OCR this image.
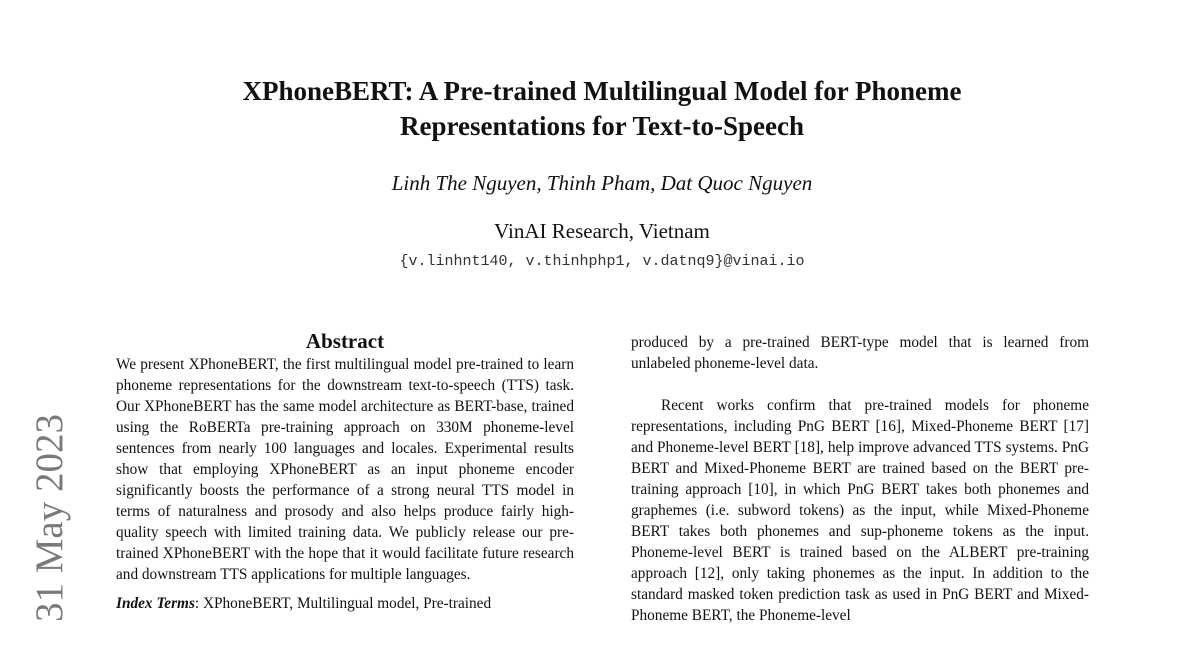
XPhoneBERT: A Pre-trained Multilingual Model for Phoneme
Representations for Text-to-Speech
Linh The Nguyen, Thinh Pham, Dat Quoc Nguyen
VinAI Research, Vietnam
{v.linhnt140, v.thinhphp1, v.datnq9}@vinai.io
31 May 2023
Abstract

We present XPhoneBERT, the first multilingual model pre-trained to learn phoneme representations for the downstream text-to-speech (TTS) task. Our XPhoneBERT has the same model architecture as BERT-base, trained using the RoBERTa pre-training approach on 330M phoneme-level sentences from nearly 100 languages and locales. Experimental results show that employing XPhoneBERT as an input phoneme encoder significantly boosts the performance of a strong neural TTS model in terms of naturalness and prosody and also helps produce fairly high-quality speech with limited training data. We publicly release our pre-trained XPhoneBERT with the hope that it would facilitate future research and downstream TTS applications for multiple languages.

Index Terms: XPhoneBERT, Multilingual model, Pre-trained

produced by a pre-trained BERT-type model that is learned from unlabeled phoneme-level data.

Recent works confirm that pre-trained models for phoneme representations, including PnG BERT [16], Mixed-Phoneme BERT [17] and Phoneme-level BERT [18], help improve advanced TTS systems. PnG BERT and Mixed-Phoneme BERT are trained based on the BERT pre-training approach [10], in which PnG BERT takes both phonemes and graphemes (i.e. subword tokens) as the input, while Mixed-Phoneme BERT takes both phonemes and sup-phoneme tokens as the input. Phoneme-level BERT is trained based on the ALBERT pre-training approach [12], only taking phonemes as the input. In addition to the standard masked token prediction task as used in PnG BERT and Mixed-Phoneme BERT, the Phoneme-level
